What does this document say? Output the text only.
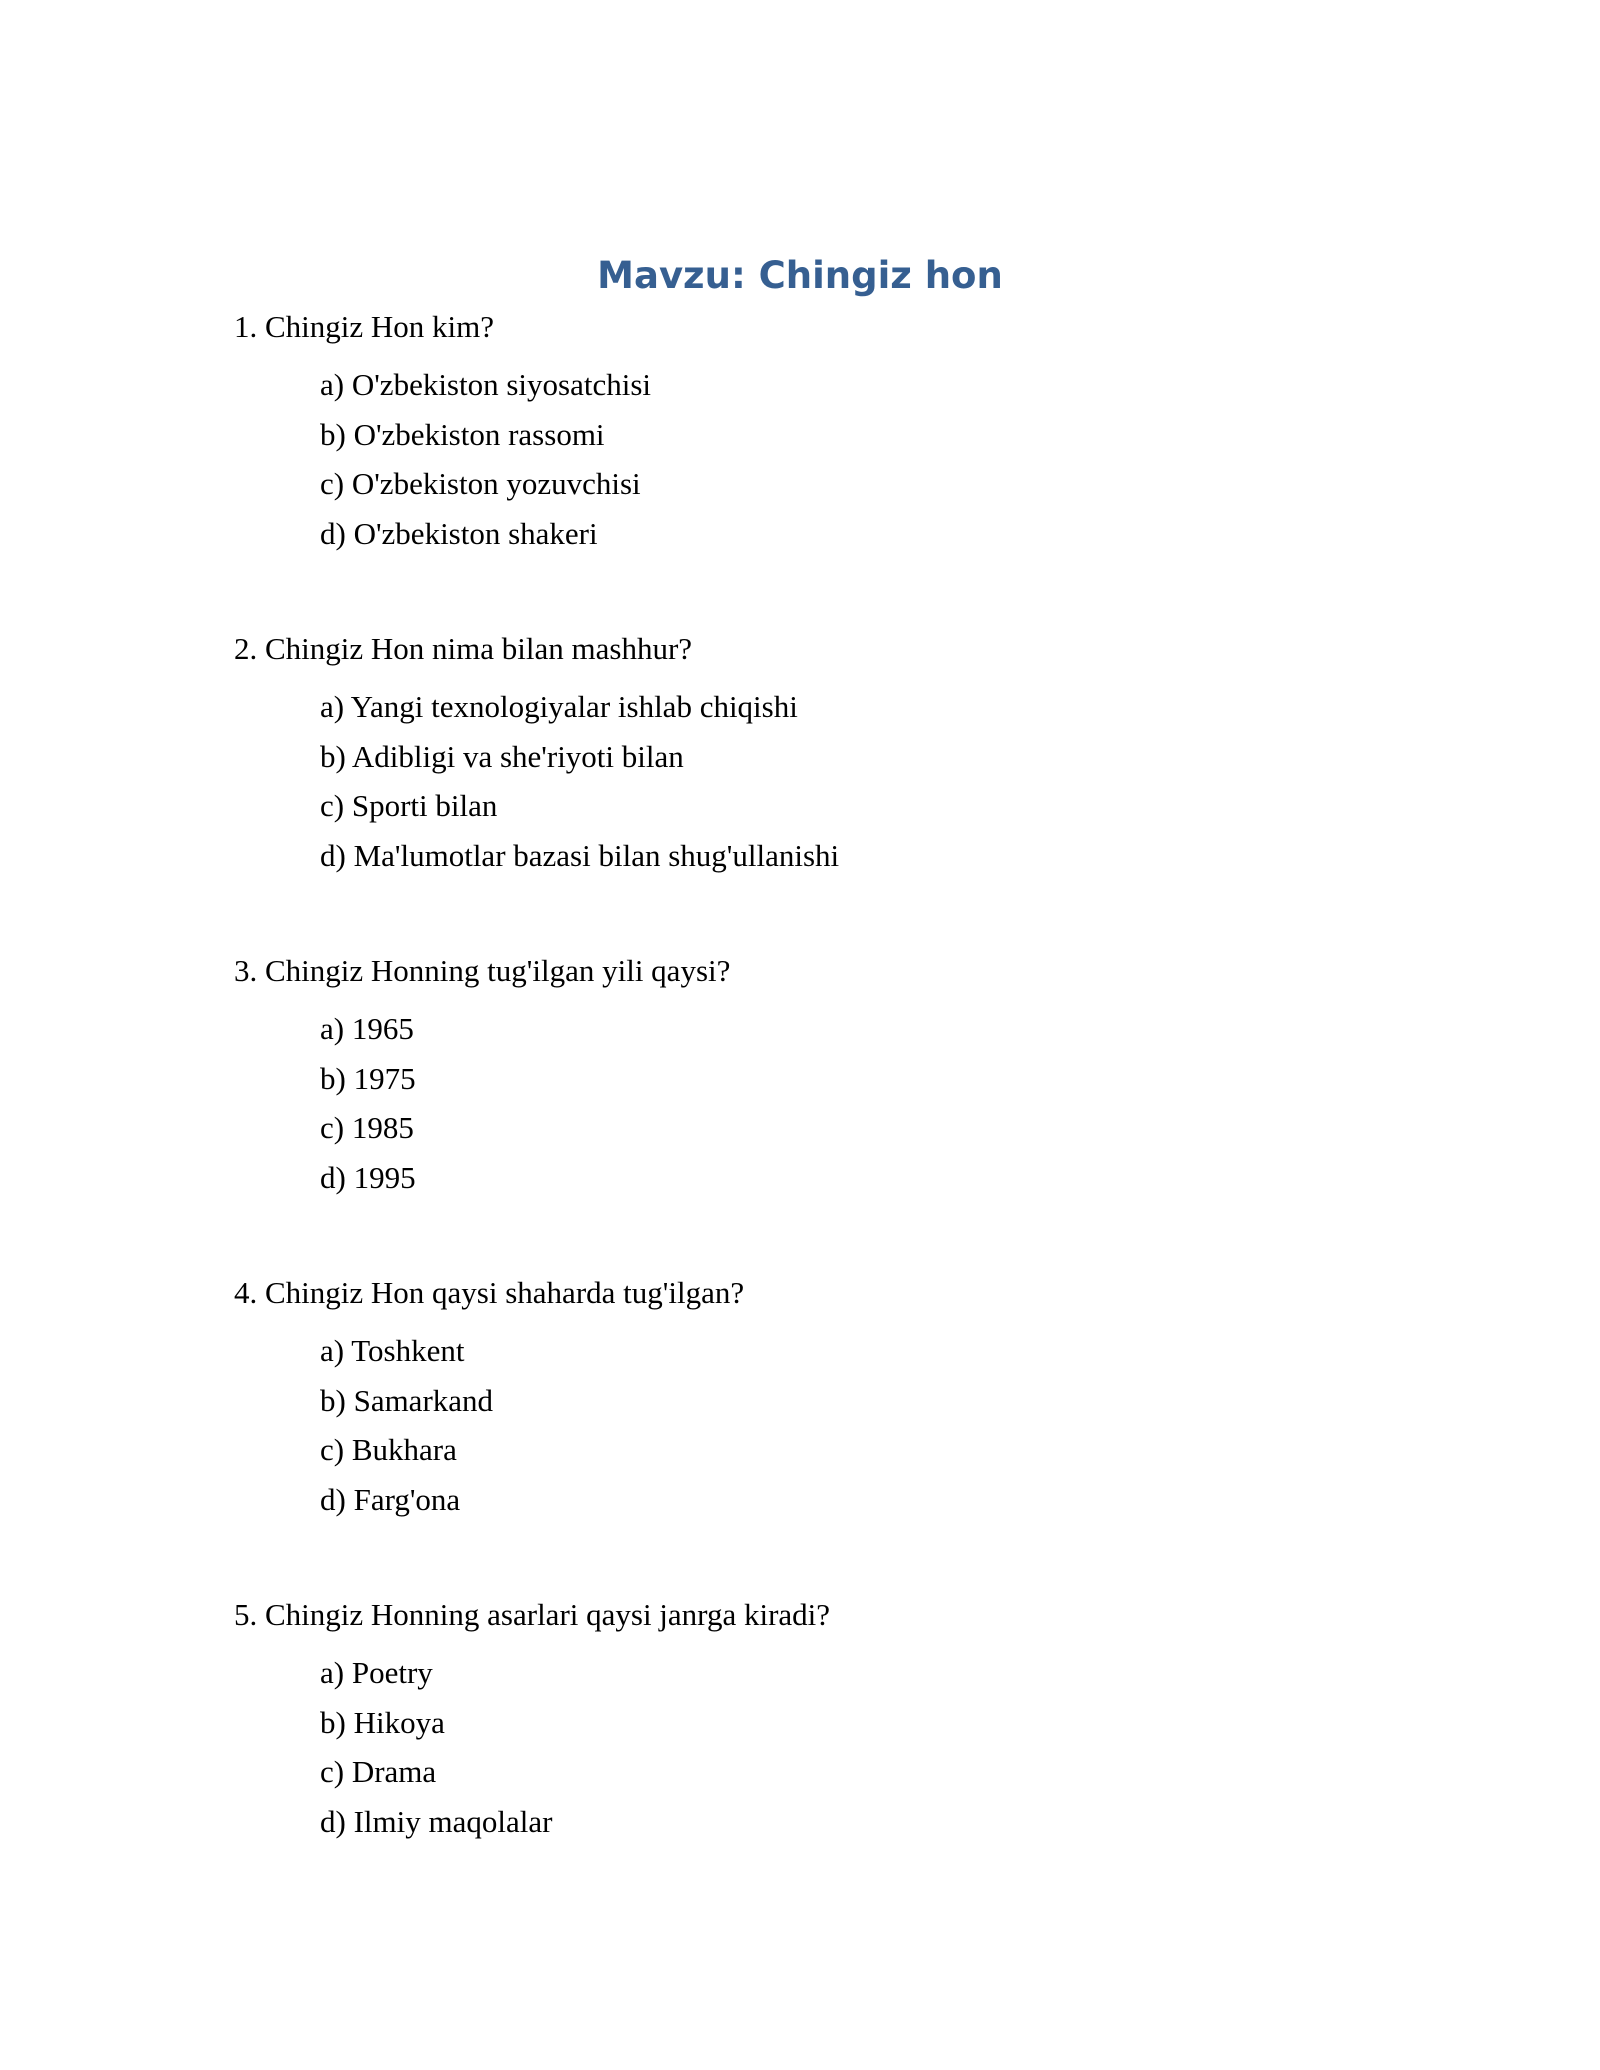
Mavzu: Chingiz hon

1. Chingiz Hon kim?

a) O'zbekiston siyosatchisi
b) O'zbekiston rassomi
c) O'zbekiston yozuvchisi
d) O'zbekiston shakeri

2. Chingiz Hon nima bilan mashhur?

a) Yangi texnologiyalar ishlab chiqishi
b) Adibligi va she'riyoti bilan
c) Sporti bilan
d) Ma'lumotlar bazasi bilan shug'ullanishi

3. Chingiz Honning tug'ilgan yili qaysi?

a) 1965
b) 1975
c) 1985
d) 1995

4. Chingiz Hon qaysi shaharda tug'ilgan?

a) Toshkent
b) Samarkand
c) Bukhara
d) Farg'ona

5. Chingiz Honning asarlari qaysi janrga kiradi?

a) Poetry
b) Hikoya
c) Drama
d) Ilmiy maqolalar
